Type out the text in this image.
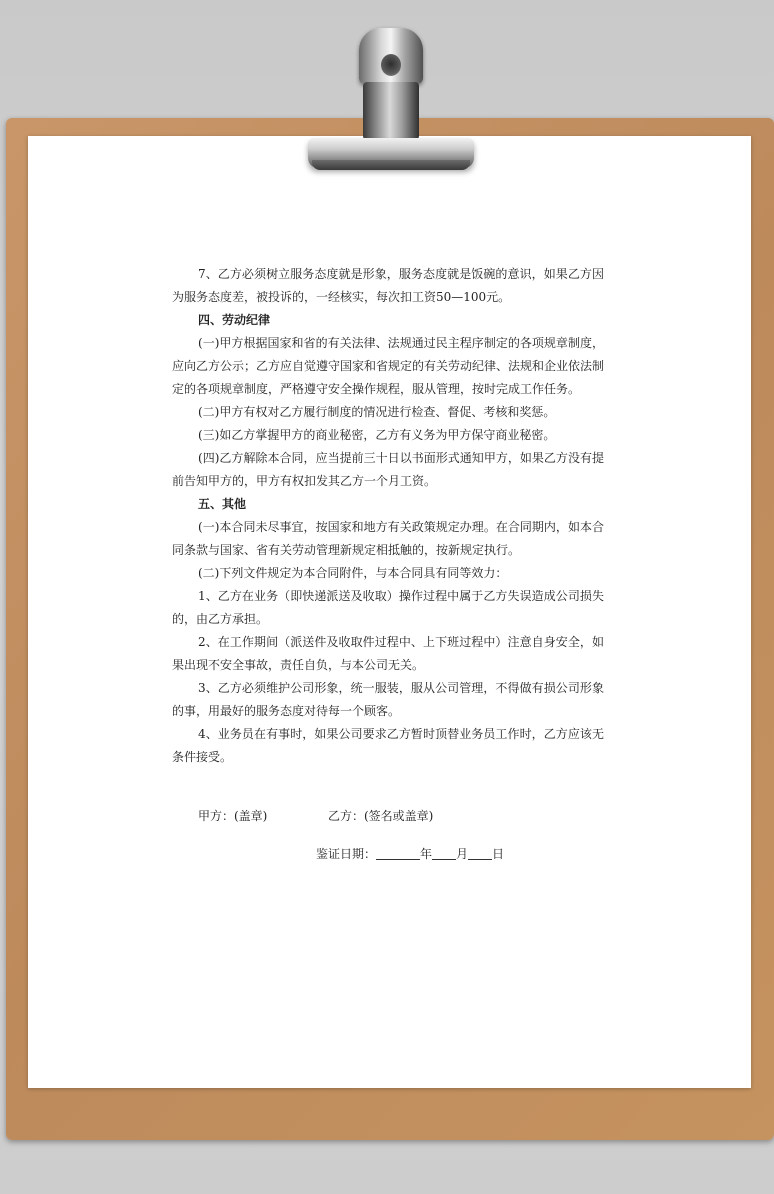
7、乙方必须树立服务态度就是形象，服务态度就是饭碗的意识，如果乙方因为服务态度差，被投诉的，一经核实，每次扣工资50—100元。

四、劳动纪律

(一)甲方根据国家和省的有关法律、法规通过民主程序制定的各项规章制度，应向乙方公示；乙方应自觉遵守国家和省规定的有关劳动纪律、法规和企业依法制定的各项规章制度，严格遵守安全操作规程，服从管理，按时完成工作任务。

(二)甲方有权对乙方履行制度的情况进行检查、督促、考核和奖惩。

(三)如乙方掌握甲方的商业秘密，乙方有义务为甲方保守商业秘密。

(四)乙方解除本合同，应当提前三十日以书面形式通知甲方，如果乙方没有提前告知甲方的，甲方有权扣发其乙方一个月工资。

五、其他

(一)本合同未尽事宜，按国家和地方有关政策规定办理。在合同期内，如本合同条款与国家、省有关劳动管理新规定相抵触的，按新规定执行。

(二)下列文件规定为本合同附件，与本合同具有同等效力：

1、乙方在业务（即快递派送及收取）操作过程中属于乙方失误造成公司损失的，由乙方承担。

2、在工作期间（派送件及收取件过程中、上下班过程中）注意自身安全，如果出现不安全事故，责任自负，与本公司无关。

3、乙方必须维护公司形象，统一服装，服从公司管理，不得做有损公司形象的事，用最好的服务态度对待每一个顾客。

4、业务员在有事时，如果公司要求乙方暂时顶替业务员工作时，乙方应该无条件接受。

甲方：(盖章)	乙方：(签名或盖章)
鉴证日期：	年 月 日
